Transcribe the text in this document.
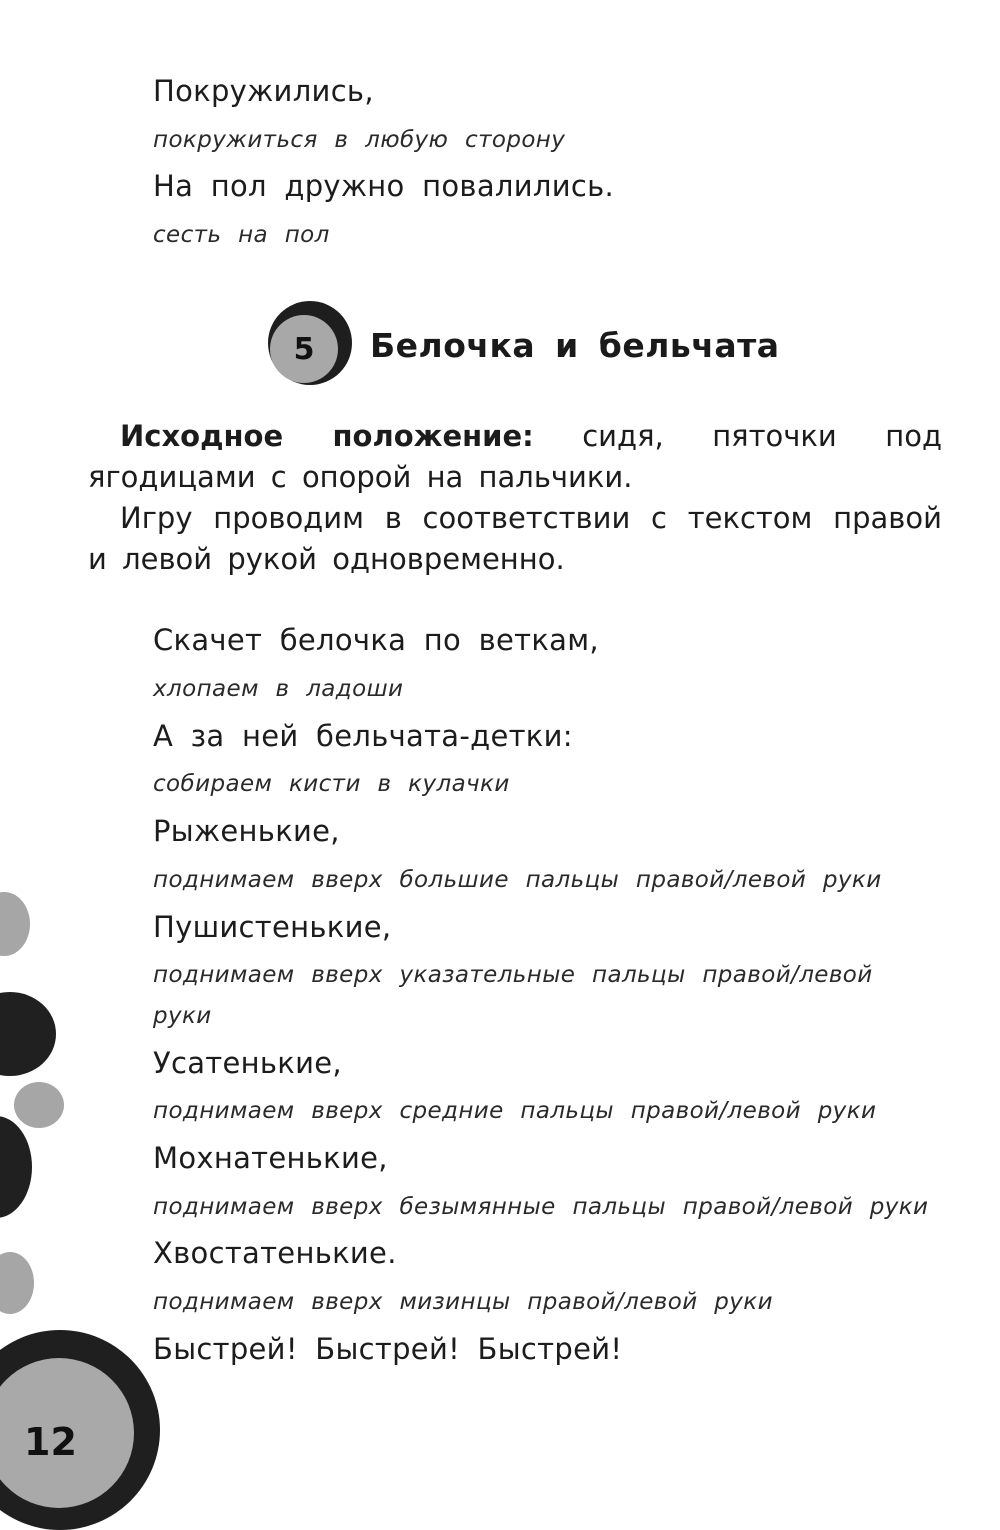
Покружились,

покружиться в любую сторону

На пол дружно повалились.

сесть на пол

5	Белочка и бельчата

Исходное положение: сидя, пяточки под ягодицами с опорой на пальчики.

Игру проводим в соответствии с текстом правой и левой рукой одновременно.

Скачет белочка по веткам,

хлопаем в ладоши

А за ней бельчата-детки:

собираем кисти в кулачки

Рыженькие,

поднимаем вверх большие пальцы правой/левой руки

Пушистенькие,

поднимаем вверх указательные пальцы правой/левой

руки

Усатенькие,

поднимаем вверх средние пальцы правой/левой руки

Мохнатенькие,

поднимаем вверх безымянные пальцы правой/левой руки

Хвостатенькие.

поднимаем вверх мизинцы правой/левой руки

Быстрей! Быстрей! Быстрей!

12
